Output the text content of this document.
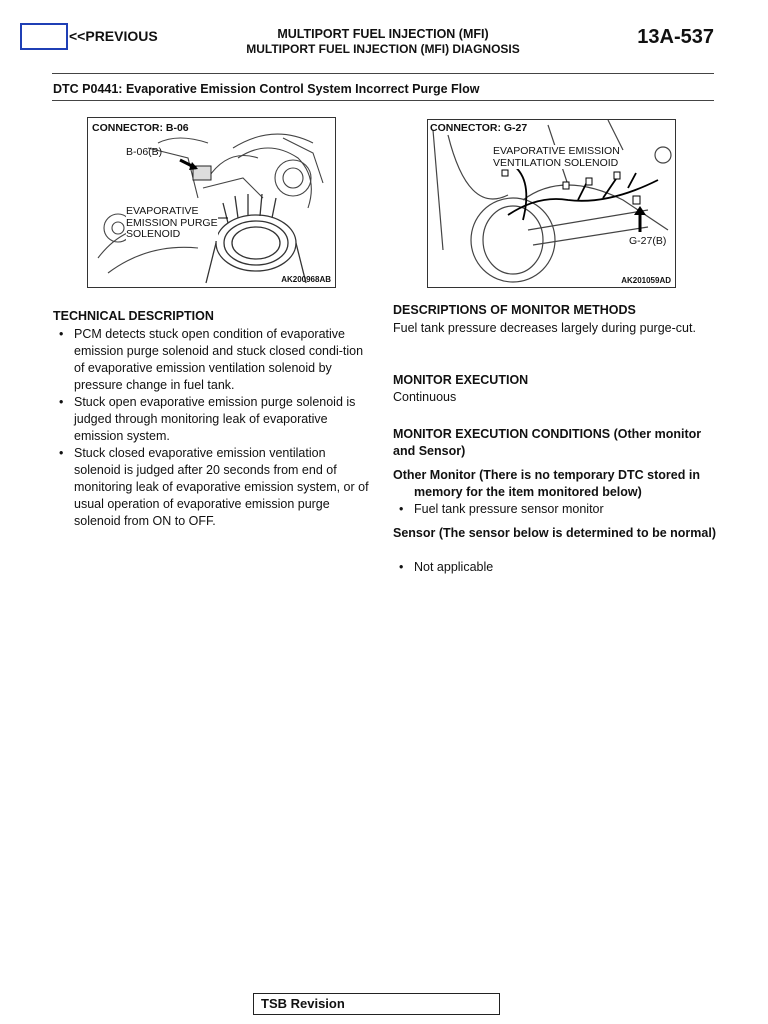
<<PREVIOUS	MULTIPORT FUEL INJECTION (MFI)
MULTIPORT FUEL INJECTION (MFI) DIAGNOSIS
13A-537
DTC P0441: Evaporative Emission Control System Incorrect Purge Flow
CONNECTOR: B-06
B-06(B)
EVAPORATIVE
EMISSION PURGE
SOLENOID
AK200968AB
CONNECTOR: G-27
EVAPORATIVE EMISSION
VENTILATION SOLENOID
G-27(B)
AK201059AD
TECHNICAL DESCRIPTION
• PCM detects stuck open condition of evaporative emission purge solenoid and stuck closed condi-tion of evaporative emission ventilation solenoid by pressure change in fuel tank.
• Stuck open evaporative emission purge solenoid is judged through monitoring leak of evaporative emission system.
• Stuck closed evaporative emission ventilation solenoid is judged after 20 seconds from end of monitoring leak of evaporative emission system, or of usual operation of evaporative emission purge solenoid from ON to OFF.
DESCRIPTIONS OF MONITOR METHODS
Fuel tank pressure decreases largely during purge-cut.
MONITOR EXECUTION
Continuous
MONITOR EXECUTION CONDITIONS (Other monitor and Sensor)
Other Monitor (There is no temporary DTC stored in memory for the item monitored below)
• Fuel tank pressure sensor monitor
Sensor (The sensor below is determined to be normal)
• Not applicable
TSB Revision
